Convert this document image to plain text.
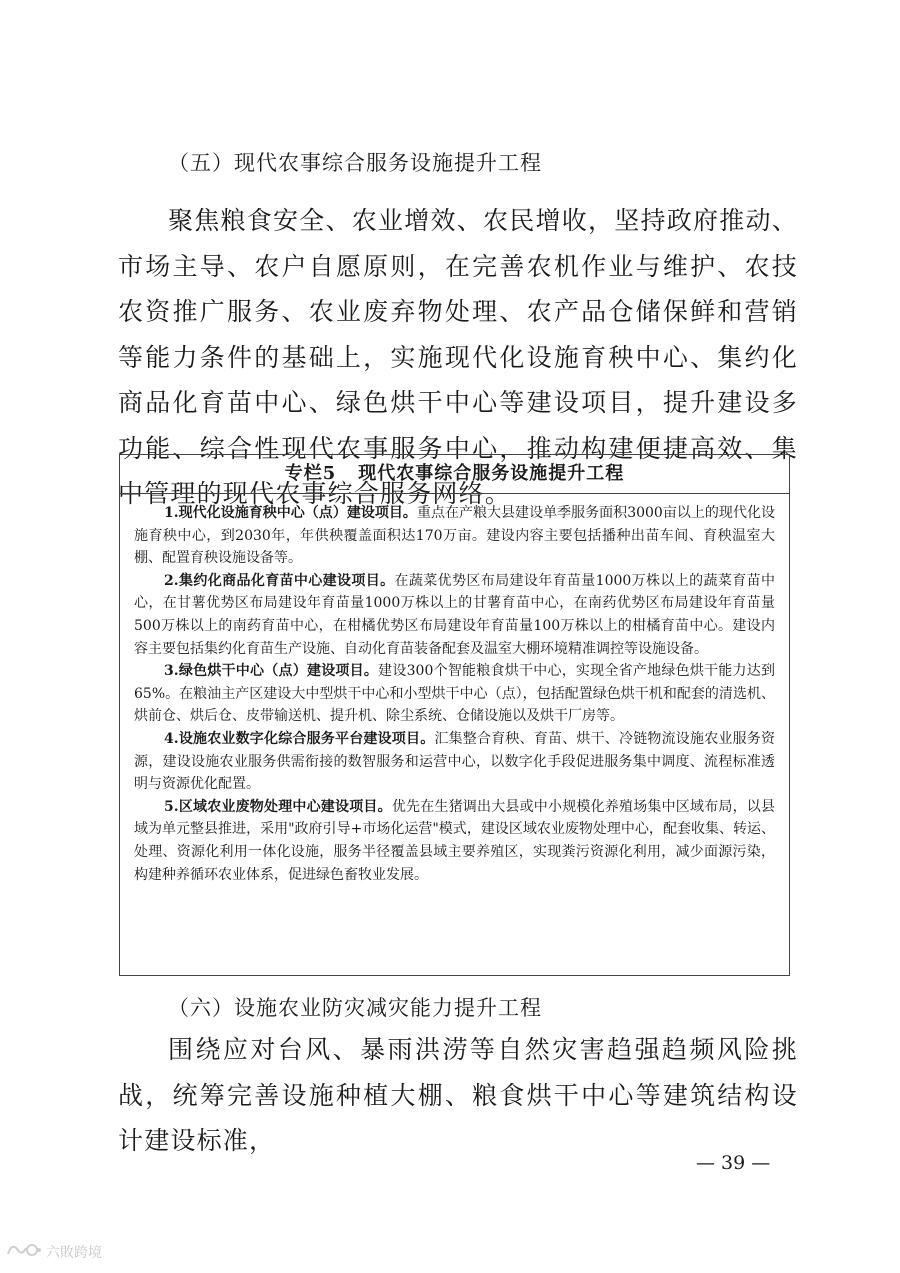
（五）现代农事综合服务设施提升工程

聚焦粮食安全、农业增效、农民增收，坚持政府推动、市场主导、农户自愿原则，在完善农机作业与维护、农技农资推广服务、农业废弃物处理、农产品仓储保鲜和营销等能力条件的基础上，实施现代化设施育秧中心、集约化商品化育苗中心、绿色烘干中心等建设项目，提升建设多功能、综合性现代农事服务中心，推动构建便捷高效、集中管理的现代农事综合服务网络。

专栏5 现代农事综合服务设施提升工程

1.现代化设施育秧中心（点）建设项目。重点在产粮大县建设单季服务面积3000亩以上的现代化设施育秧中心，到2030年，年供秧覆盖面积达170万亩。建设内容主要包括播种出苗车间、育秧温室大棚、配置育秧设施设备等。

2.集约化商品化育苗中心建设项目。在蔬菜优势区布局建设年育苗量1000万株以上的蔬菜育苗中心，在甘薯优势区布局建设年育苗量1000万株以上的甘薯育苗中心，在南药优势区布局建设年育苗量500万株以上的南药育苗中心，在柑橘优势区布局建设年育苗量100万株以上的柑橘育苗中心。建设内容主要包括集约化育苗生产设施、自动化育苗装备配套及温室大棚环境精准调控等设施设备。

3.绿色烘干中心（点）建设项目。建设300个智能粮食烘干中心，实现全省产地绿色烘干能力达到65%。在粮油主产区建设大中型烘干中心和小型烘干中心（点），包括配置绿色烘干机和配套的清选机、烘前仓、烘后仓、皮带输送机、提升机、除尘系统、仓储设施以及烘干厂房等。

4.设施农业数字化综合服务平台建设项目。汇集整合育秧、育苗、烘干、冷链物流设施农业服务资源，建设设施农业服务供需衔接的数智服务和运营中心，以数字化手段促进服务集中调度、流程标准透明与资源优化配置。

5.区域农业废物处理中心建设项目。优先在生猪调出大县或中小规模化养殖场集中区域布局，以县域为单元整县推进，采用"政府引导+市场化运营"模式，建设区域农业废物处理中心，配套收集、转运、处理、资源化利用一体化设施，服务半径覆盖县域主要养殖区，实现粪污资源化利用，减少面源污染，构建种养循环农业体系，促进绿色畜牧业发展。

（六）设施农业防灾减灾能力提升工程

围绕应对台风、暴雨洪涝等自然灾害趋强趋频风险挑战，统筹完善设施种植大棚、粮食烘干中心等建筑结构设计建设标准，

— 39 —
六敗跨境
